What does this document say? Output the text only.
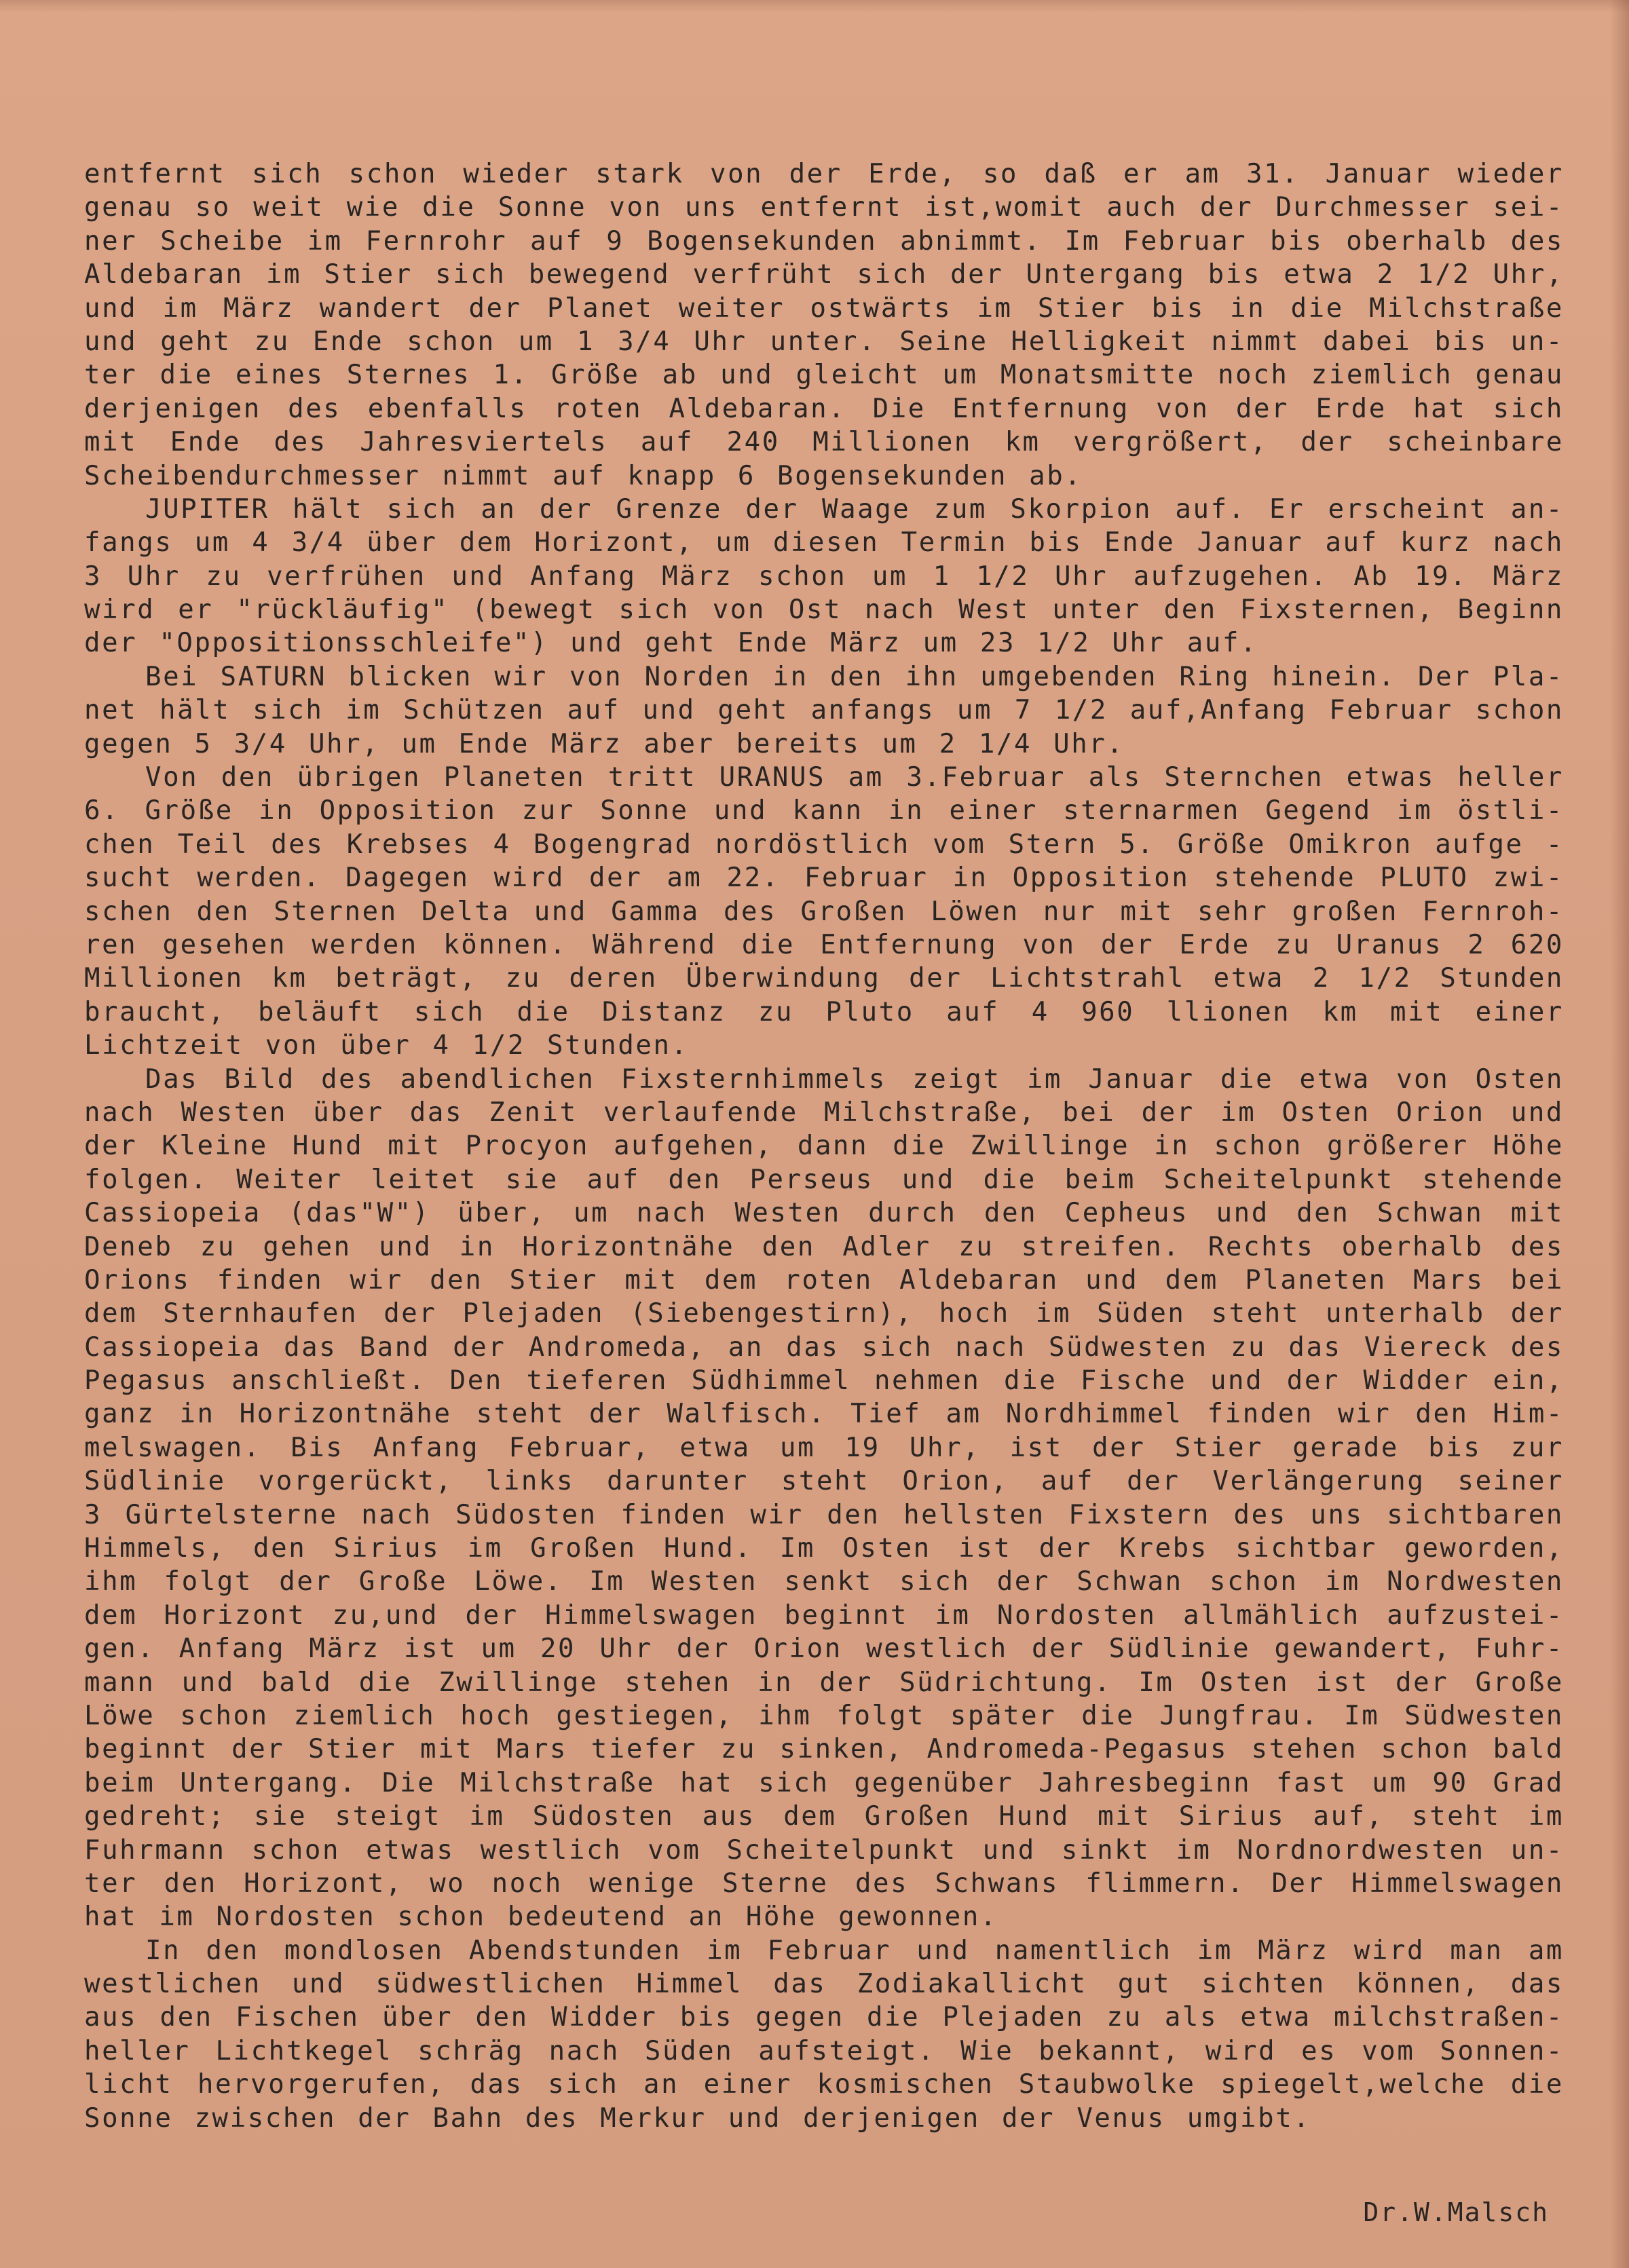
entfernt sich schon wieder stark von der Erde, so daß er am 31. Januar wieder
genau so weit wie die Sonne von uns entfernt ist,womit auch der Durchmesser sei-
ner Scheibe im Fernrohr auf 9 Bogensekunden abnimmt. Im Februar bis oberhalb des
Aldebaran im Stier sich bewegend verfrüht sich der Untergang bis etwa 2 1/2 Uhr,
und im März wandert der Planet weiter ostwärts im Stier bis in die Milchstraße
und geht zu Ende schon um 1 3/4 Uhr unter. Seine Helligkeit nimmt dabei bis un-
ter die eines Sternes 1. Größe ab und gleicht um Monatsmitte noch ziemlich genau
derjenigen des ebenfalls roten Aldebaran. Die Entfernung von der Erde hat sich
mit Ende des Jahresviertels auf 240 Millionen km vergrößert, der scheinbare
Scheibendurchmesser nimmt auf knapp 6 Bogensekunden ab.
JUPITER hält sich an der Grenze der Waage zum Skorpion auf. Er erscheint an-
fangs um 4 3/4 über dem Horizont, um diesen Termin bis Ende Januar auf kurz nach
3 Uhr zu verfrühen und Anfang März schon um 1 1/2 Uhr aufzugehen. Ab 19. März
wird er "rückläufig" (bewegt sich von Ost nach West unter den Fixsternen, Beginn
der "Oppositionsschleife") und geht Ende März um 23 1/2 Uhr auf.
Bei SATURN blicken wir von Norden in den ihn umgebenden Ring hinein. Der Pla-
net hält sich im Schützen auf und geht anfangs um 7 1/2 auf,Anfang Februar schon
gegen 5 3/4 Uhr, um Ende März aber bereits um 2 1/4 Uhr.
Von den übrigen Planeten tritt URANUS am 3.Februar als Sternchen etwas heller
6. Größe in Opposition zur Sonne und kann in einer sternarmen Gegend im östli-
chen Teil des Krebses 4 Bogengrad nordöstlich vom Stern 5. Größe Omikron aufge -
sucht werden. Dagegen wird der am 22. Februar in Opposition stehende PLUTO zwi-
schen den Sternen Delta und Gamma des Großen Löwen nur mit sehr großen Fernroh-
ren gesehen werden können. Während die Entfernung von der Erde zu Uranus 2 620
Millionen km beträgt, zu deren Überwindung der Lichtstrahl etwa 2 1/2 Stunden
braucht, beläuft sich die Distanz zu Pluto auf 4 960 llionen km mit einer
Lichtzeit von über 4 1/2 Stunden.
Das Bild des abendlichen Fixsternhimmels zeigt im Januar die etwa von Osten
nach Westen über das Zenit verlaufende Milchstraße, bei der im Osten Orion und
der Kleine Hund mit Procyon aufgehen, dann die Zwillinge in schon größerer Höhe
folgen. Weiter leitet sie auf den Perseus und die beim Scheitelpunkt stehende
Cassiopeia (das"W") über, um nach Westen durch den Cepheus und den Schwan mit
Deneb zu gehen und in Horizontnähe den Adler zu streifen. Rechts oberhalb des
Orions finden wir den Stier mit dem roten Aldebaran und dem Planeten Mars bei
dem Sternhaufen der Plejaden (Siebengestirn), hoch im Süden steht unterhalb der
Cassiopeia das Band der Andromeda, an das sich nach Südwesten zu das Viereck des
Pegasus anschließt. Den tieferen Südhimmel nehmen die Fische und der Widder ein,
ganz in Horizontnähe steht der Walfisch. Tief am Nordhimmel finden wir den Him-
melswagen. Bis Anfang Februar, etwa um 19 Uhr, ist der Stier gerade bis zur
Südlinie vorgerückt, links darunter steht Orion, auf der Verlängerung seiner
3 Gürtelsterne nach Südosten finden wir den hellsten Fixstern des uns sichtbaren
Himmels, den Sirius im Großen Hund. Im Osten ist der Krebs sichtbar geworden,
ihm folgt der Große Löwe. Im Westen senkt sich der Schwan schon im Nordwesten
dem Horizont zu,und der Himmelswagen beginnt im Nordosten allmählich aufzustei-
gen. Anfang März ist um 20 Uhr der Orion westlich der Südlinie gewandert, Fuhr-
mann und bald die Zwillinge stehen in der Südrichtung. Im Osten ist der Große
Löwe schon ziemlich hoch gestiegen, ihm folgt später die Jungfrau. Im Südwesten
beginnt der Stier mit Mars tiefer zu sinken, Andromeda-Pegasus stehen schon bald
beim Untergang. Die Milchstraße hat sich gegenüber Jahresbeginn fast um 90 Grad
gedreht; sie steigt im Südosten aus dem Großen Hund mit Sirius auf, steht im
Fuhrmann schon etwas westlich vom Scheitelpunkt und sinkt im Nordnordwesten un-
ter den Horizont, wo noch wenige Sterne des Schwans flimmern. Der Himmelswagen
hat im Nordosten schon bedeutend an Höhe gewonnen.
In den mondlosen Abendstunden im Februar und namentlich im März wird man am
westlichen und südwestlichen Himmel das Zodiakallicht gut sichten können, das
aus den Fischen über den Widder bis gegen die Plejaden zu als etwa milchstraßen-
heller Lichtkegel schräg nach Süden aufsteigt. Wie bekannt, wird es vom Sonnen-
licht hervorgerufen, das sich an einer kosmischen Staubwolke spiegelt,welche die
Sonne zwischen der Bahn des Merkur und derjenigen der Venus umgibt.
Dr.W.Malsch
